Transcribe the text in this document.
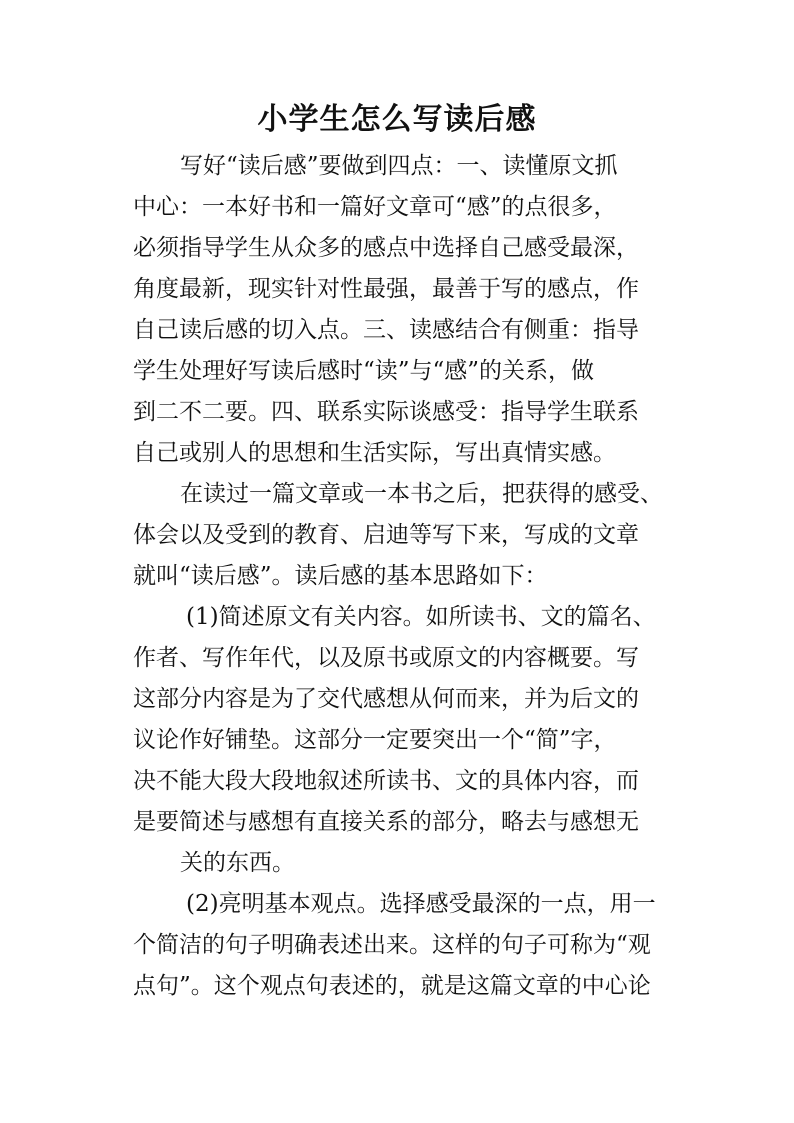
小学生怎么写读后感
写好“读后感”要做到四点：一、读懂原文抓
中心：一本好书和一篇好文章可“感”的点很多，
必须指导学生从众多的感点中选择自己感受最深，
角度最新，现实针对性最强，最善于写的感点，作
自己读后感的切入点。三、读感结合有侧重：指导
学生处理好写读后感时“读”与“感”的关系，做
到二不二要。四、联系实际谈感受：指导学生联系
自己或别人的思想和生活实际，写出真情实感。
在读过一篇文章或一本书之后，把获得的感受、
体会以及受到的教育、启迪等写下来，写成的文章
就叫“读后感”。读后感的基本思路如下：
(1)简述原文有关内容。如所读书、文的篇名、
作者、写作年代，以及原书或原文的内容概要。写
这部分内容是为了交代感想从何而来，并为后文的
议论作好铺垫。这部分一定要突出一个“简”字，
决不能大段大段地叙述所读书、文的具体内容，而
是要简述与感想有直接关系的部分，略去与感想无
关的东西。
(2)亮明基本观点。选择感受最深的一点，用一
个简洁的句子明确表述出来。这样的句子可称为“观
点句”。这个观点句表述的，就是这篇文章的中心论
